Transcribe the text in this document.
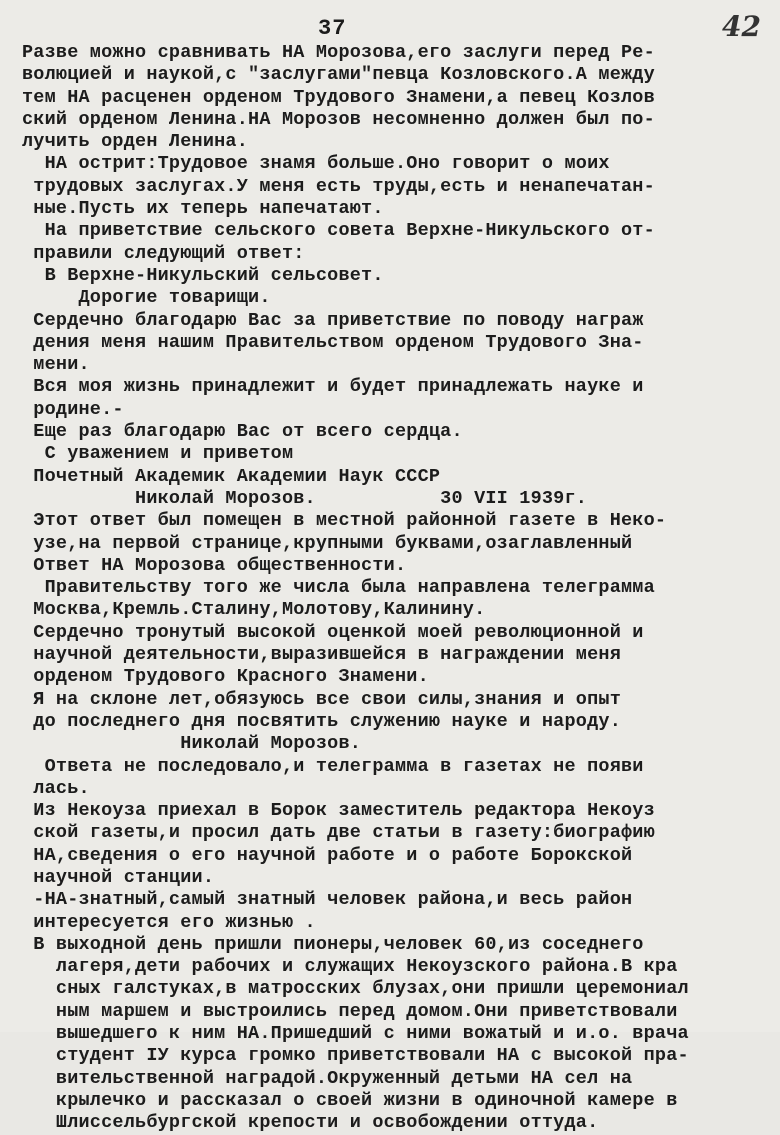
37	42
Разве можно сравнивать НА Морозова,его заслуги перед Ре-
волюцией и наукой,с "заслугами"певца Козловского.А между
тем НА расценен орденом Трудового Знамени,а певец Козлов
ский орденом Ленина.НА Морозов несомненно должен был по-
лучить орден Ленина.
НА острит:Трудовое знамя больше.Оно говорит о моих
трудовых заслугах.У меня есть труды,есть и ненапечатан-
ные.Пусть их теперь напечатают.
На приветствие сельского совета Верхне-Никульского от-
правили следующий ответ:
В Верхне-Никульский сельсовет.
Дорогие товарищи.
Сердечно благодарю Вас за приветствие по поводу награж
дения меня нашим Правительством орденом Трудового Зна-
мени.
Вся моя жизнь принадлежит и будет принадлежать науке и
родине.-
Еще раз благодарю Вас от всего сердца.
С уважением и приветом
Почетный Академик Академии Наук СССР
Николай Морозов.           30 VII 1939г.
Этот ответ был помещен в местной районной газете в Неко-
узе,на первой странице,крупными буквами,озаглавленный
Ответ НА Морозова общественности.
Правительству того же числа была направлена телеграмма
Москва,Кремль.Сталину,Молотову,Калинину.
Сердечно тронутый высокой оценкой моей революционной и
научной деятельности,выразившейся в награждении меня
орденом Трудового Красного Знамени.
Я на склоне лет,обязуюсь все свои силы,знания и опыт
до последнего дня посвятить служению науке и народу.
Николай Морозов.
Ответа не последовало,и телеграмма в газетах не появи
лась.
Из Некоуза приехал в Борок заместитель редактора Некоуз
ской газеты,и просил дать две статьи в газету:биографию
НА,сведения о его научной работе и о работе Борокской
научной станции.
-НА-знатный,самый знатный человек района,и весь район
интересуется его жизнью .
В выходной день пришли пионеры,человек 60,из соседнего
лагеря,дети рабочих и служащих Некоузского района.В кра
сных галстуках,в матросских блузах,они пришли церемониал
ным маршем и выстроились перед домом.Они приветствовали
вышедшего к ним НА.Пришедший с ними вожатый и и.о. врача
студент IУ курса громко приветствовали НА с высокой пра-
вительственной наградой.Окруженный детьми НА сел на
крылечко и рассказал о своей жизни в одиночной камере в
Шлиссельбургской крепости и освобождении оттуда.
